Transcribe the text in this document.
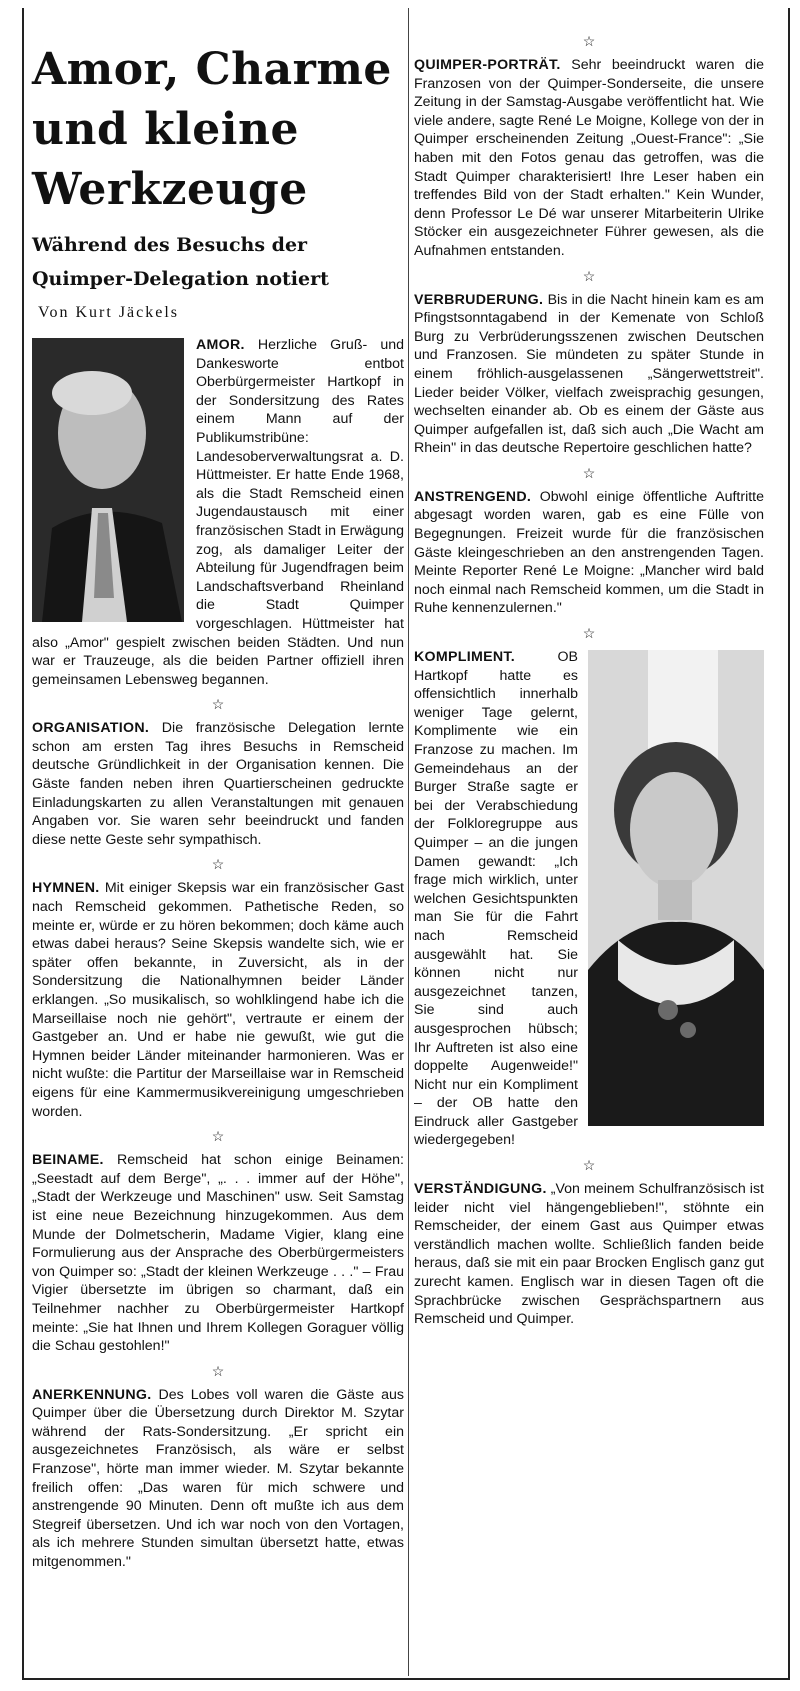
Amor, Charme
und kleine
Werkzeuge
Während des Besuchs der
Quimper-Delegation notiert
Von Kurt Jäckels

AMOR. Herzliche Gruß- und Dankesworte entbot Oberbürgermeister Hartkopf in der Sondersitzung des Rates einem Mann auf der Publikumstribüne: Landesoberverwaltungsrat a. D. Hüttmeister. Er hatte Ende 1968, als die Stadt Remscheid einen Jugendaustausch mit einer französischen Stadt in Erwägung zog, als damaliger Leiter der Abteilung für Jugendfragen beim Landschaftsverband Rheinland die Stadt Quimper vorgeschlagen. Hüttmeister hat also „Amor" gespielt zwischen beiden Städten. Und nun war er Trauzeuge, als die beiden Partner offiziell ihren gemeinsamen Lebensweg begannen.

☆

ORGANISATION. Die französische Delegation lernte schon am ersten Tag ihres Besuchs in Remscheid deutsche Gründlichkeit in der Organisation kennen. Die Gäste fanden neben ihren Quartierscheinen gedruckte Einladungskarten zu allen Veranstaltungen mit genauen Angaben vor. Sie waren sehr beeindruckt und fanden diese nette Geste sehr sympathisch.

☆

HYMNEN. Mit einiger Skepsis war ein französischer Gast nach Remscheid gekommen. Pathetische Reden, so meinte er, würde er zu hören bekommen; doch käme auch etwas dabei heraus? Seine Skepsis wandelte sich, wie er später offen bekannte, in Zuversicht, als in der Sondersitzung die Nationalhymnen beider Länder erklangen. „So musikalisch, so wohlklingend habe ich die Marseillaise noch nie gehört", vertraute er einem der Gastgeber an. Und er habe nie gewußt, wie gut die Hymnen beider Länder miteinander harmonieren. Was er nicht wußte: die Partitur der Marseillaise war in Remscheid eigens für eine Kammermusikvereinigung umgeschrieben worden.

☆

BEINAME. Remscheid hat schon einige Beinamen: „Seestadt auf dem Berge", „. . . immer auf der Höhe", „Stadt der Werkzeuge und Maschinen" usw. Seit Samstag ist eine neue Bezeichnung hinzugekommen. Aus dem Munde der Dolmetscherin, Madame Vigier, klang eine Formulierung aus der Ansprache des Oberbürgermeisters von Quimper so: „Stadt der kleinen Werkzeuge . . ." – Frau Vigier übersetzte im übrigen so charmant, daß ein Teilnehmer nachher zu Oberbürgermeister Hartkopf meinte: „Sie hat Ihnen und Ihrem Kollegen Goraguer völlig die Schau gestohlen!"

☆

ANERKENNUNG. Des Lobes voll waren die Gäste aus Quimper über die Übersetzung durch Direktor M. Szytar während der Rats-Sondersitzung. „Er spricht ein ausgezeichnetes Französisch, als wäre er selbst Franzose", hörte man immer wieder. M. Szytar bekannte freilich offen: „Das waren für mich schwere und anstrengende 90 Minuten. Denn oft mußte ich aus dem Stegreif übersetzen. Und ich war noch von den Vortagen, als ich mehrere Stunden simultan übersetzt hatte, etwas mitgenommen."

☆

QUIMPER-PORTRÄT. Sehr beeindruckt waren die Franzosen von der Quimper-Sonderseite, die unsere Zeitung in der Samstag-Ausgabe veröffentlicht hat. Wie viele andere, sagte René Le Moigne, Kollege von der in Quimper erscheinenden Zeitung „Ouest-France": „Sie haben mit den Fotos genau das getroffen, was die Stadt Quimper charakterisiert! Ihre Leser haben ein treffendes Bild von der Stadt erhalten." Kein Wunder, denn Professor Le Dé war unserer Mitarbeiterin Ulrike Stöcker ein ausgezeichneter Führer gewesen, als die Aufnahmen entstanden.

☆

VERBRUDERUNG. Bis in die Nacht hinein kam es am Pfingstsonntagabend in der Kemenate von Schloß Burg zu Verbrüderungsszenen zwischen Deutschen und Franzosen. Sie mündeten zu später Stunde in einem fröhlich-ausgelassenen „Sängerwettstreit". Lieder beider Völker, vielfach zweisprachig gesungen, wechselten einander ab. Ob es einem der Gäste aus Quimper aufgefallen ist, daß sich auch „Die Wacht am Rhein" in das deutsche Repertoire geschlichen hatte?

☆

ANSTRENGEND. Obwohl einige öffentliche Auftritte abgesagt worden waren, gab es eine Fülle von Begegnungen. Freizeit wurde für die französischen Gäste kleingeschrieben an den anstrengenden Tagen. Meinte Reporter René Le Moigne: „Mancher wird bald noch einmal nach Remscheid kommen, um die Stadt in Ruhe kennenzulernen."

☆

KOMPLIMENT.	OB Hartkopf hatte es offensichtlich innerhalb weniger Tage gelernt, Komplimente wie ein Franzose zu machen. Im Gemeindehaus an der Burger Straße sagte er bei der Verabschiedung der Folkloregruppe aus Quimper – an die jungen Damen gewandt: „Ich frage mich wirklich, unter welchen Gesichtspunkten man Sie für die Fahrt nach Remscheid ausgewählt hat. Sie können nicht nur ausgezeichnet tanzen, Sie sind auch ausgesprochen hübsch; Ihr Auftreten ist also eine doppelte Augenweide!" Nicht nur ein Kompliment – der OB hatte den Eindruck aller Gastgeber wiedergegeben!

☆

VERSTÄNDIGUNG. „Von meinem Schulfranzösisch ist leider nicht viel hängengeblieben!", stöhnte ein Remscheider, der einem Gast aus Quimper etwas verständlich machen wollte. Schließlich fanden beide heraus, daß sie mit ein paar Brocken Englisch ganz gut zurecht kamen. Englisch war in diesen Tagen oft die Sprachbrücke zwischen Gesprächspartnern aus Remscheid und Quimper.
